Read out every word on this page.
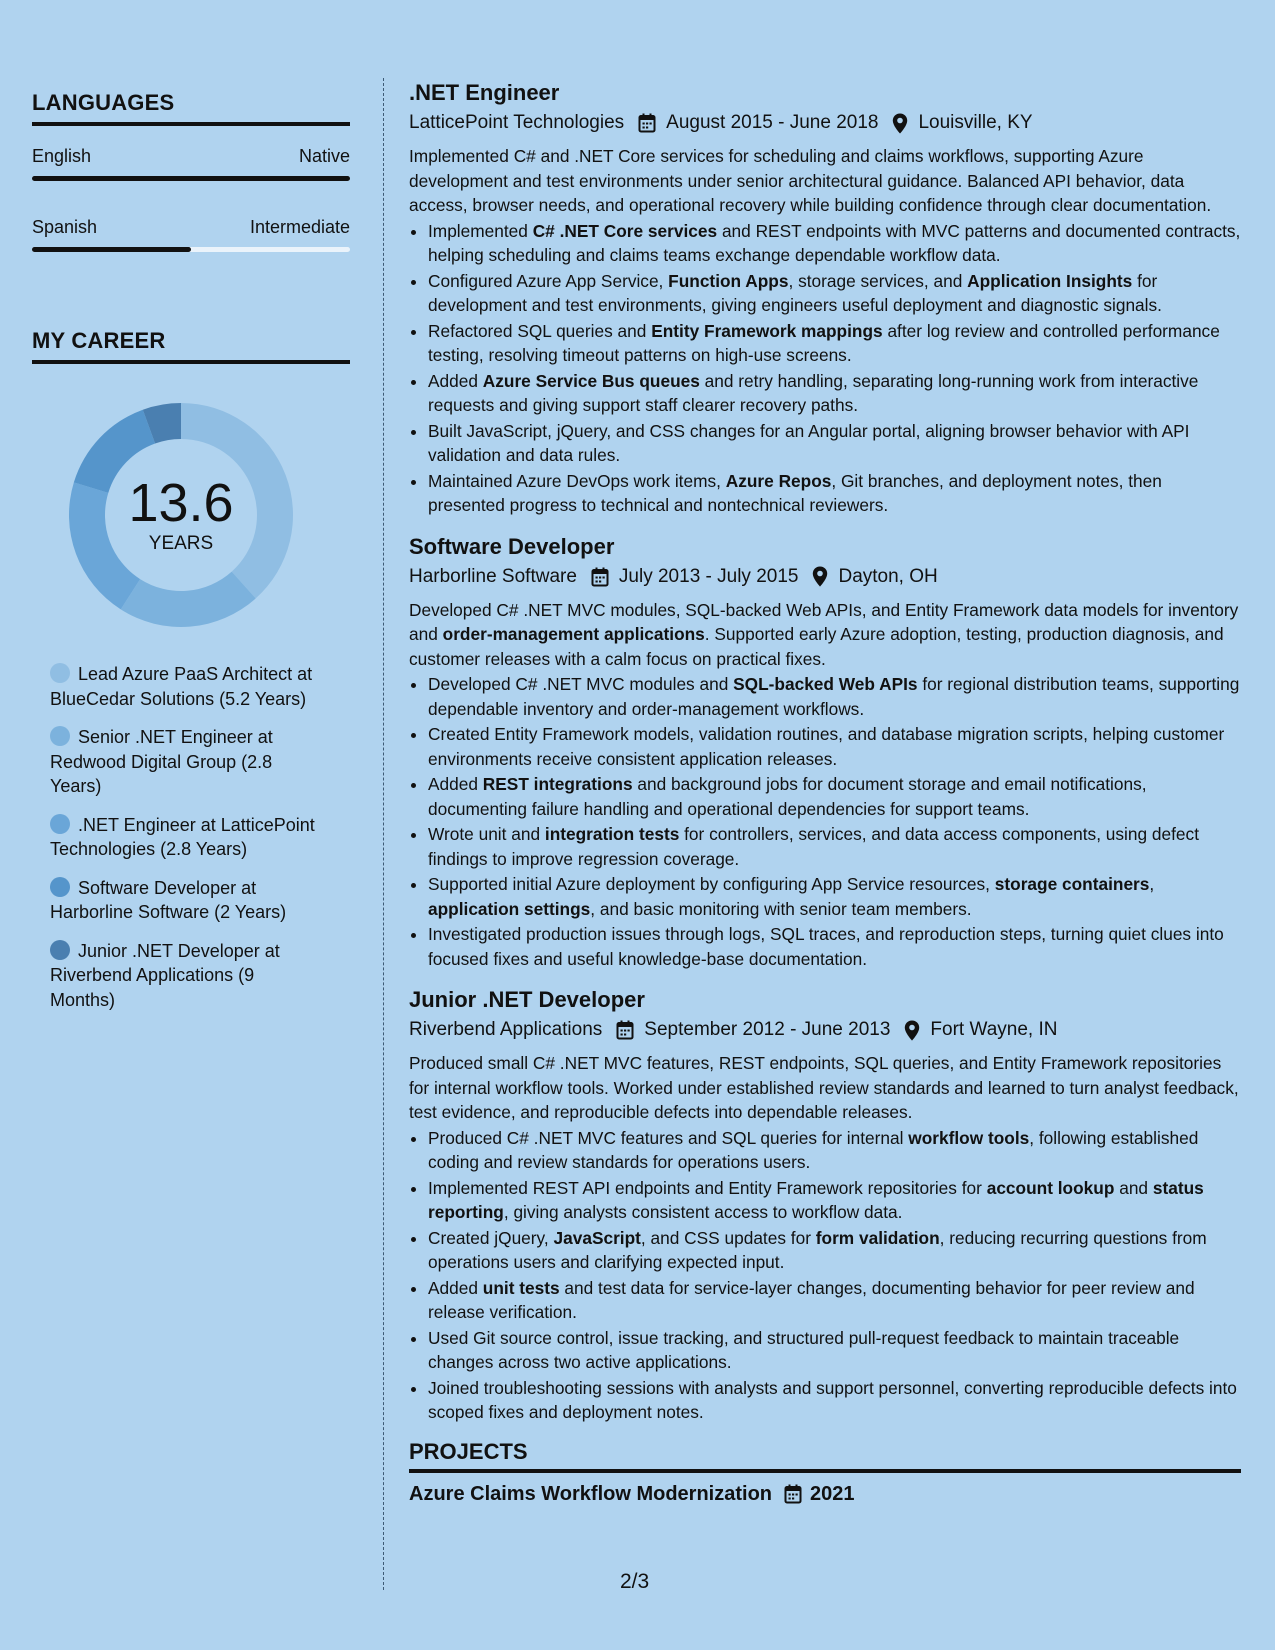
LANGUAGES
English	Native
Spanish	Intermediate
MY CAREER
13.6
YEARS
Lead Azure PaaS Architect at BlueCedar Solutions (5.2 Years)
Senior .NET Engineer at Redwood Digital Group (2.8 Years)
.NET Engineer at LatticePoint Technologies (2.8 Years)
Software Developer at Harborline Software (2 Years)
Junior .NET Developer at Riverbend Applications (9 Months)
.NET Engineer
LatticePoint Technologies August 2015 - June 2018 Louisville, KY

Implemented C# and .NET Core services for scheduling and claims workflows, supporting Azure development and test environments under senior architectural guidance. Balanced API behavior, data access, browser needs, and operational recovery while building confidence through clear documentation.

• Implemented C# .NET Core services and REST endpoints with MVC patterns and documented contracts, helping scheduling and claims teams exchange dependable workflow data.
• Configured Azure App Service, Function Apps, storage services, and Application Insights for development and test environments, giving engineers useful deployment and diagnostic signals.
• Refactored SQL queries and Entity Framework mappings after log review and controlled performance testing, resolving timeout patterns on high-use screens.
• Added Azure Service Bus queues and retry handling, separating long-running work from interactive requests and giving support staff clearer recovery paths.
• Built JavaScript, jQuery, and CSS changes for an Angular portal, aligning browser behavior with API validation and data rules.
• Maintained Azure DevOps work items, Azure Repos, Git branches, and deployment notes, then presented progress to technical and nontechnical reviewers.
Software Developer
Harborline Software July 2013 - July 2015 Dayton, OH

Developed C# .NET MVC modules, SQL-backed Web APIs, and Entity Framework data models for inventory and order-management applications. Supported early Azure adoption, testing, production diagnosis, and customer releases with a calm focus on practical fixes.

• Developed C# .NET MVC modules and SQL-backed Web APIs for regional distribution teams, supporting dependable inventory and order-management workflows.
• Created Entity Framework models, validation routines, and database migration scripts, helping customer environments receive consistent application releases.
• Added REST integrations and background jobs for document storage and email notifications, documenting failure handling and operational dependencies for support teams.
• Wrote unit and integration tests for controllers, services, and data access components, using defect findings to improve regression coverage.
• Supported initial Azure deployment by configuring App Service resources, storage containers, application settings, and basic monitoring with senior team members.
• Investigated production issues through logs, SQL traces, and reproduction steps, turning quiet clues into focused fixes and useful knowledge-base documentation.
Junior .NET Developer
Riverbend Applications September 2012 - June 2013 Fort Wayne, IN

Produced small C# .NET MVC features, REST endpoints, SQL queries, and Entity Framework repositories for internal workflow tools. Worked under established review standards and learned to turn analyst feedback, test evidence, and reproducible defects into dependable releases.

• Produced C# .NET MVC features and SQL queries for internal workflow tools, following established coding and review standards for operations users.
• Implemented REST API endpoints and Entity Framework repositories for account lookup and status reporting, giving analysts consistent access to workflow data.
• Created jQuery, JavaScript, and CSS updates for form validation, reducing recurring questions from operations users and clarifying expected input.
• Added unit tests and test data for service-layer changes, documenting behavior for peer review and release verification.
• Used Git source control, issue tracking, and structured pull-request feedback to maintain traceable changes across two active applications.
• Joined troubleshooting sessions with analysts and support personnel, converting reproducible defects into scoped fixes and deployment notes.
PROJECTS
Azure Claims Workflow Modernization 2021
2/3
